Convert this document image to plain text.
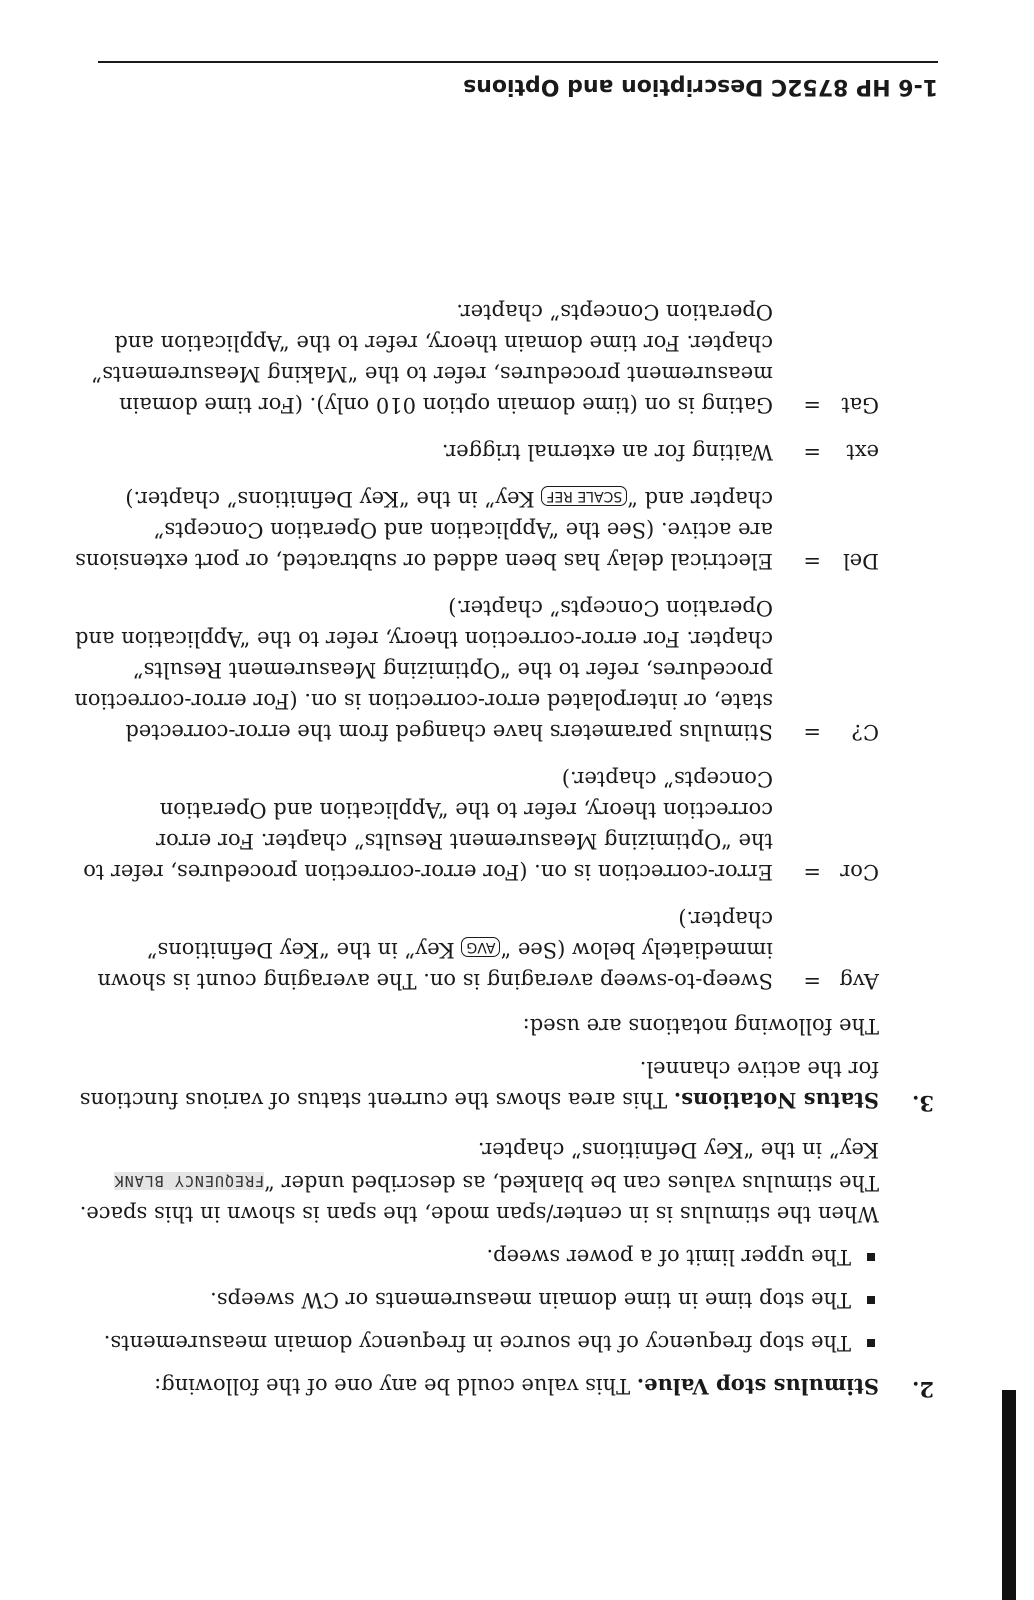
1-6 HP 8752C Description and Options
2.

Stimulus stop Value. This value could be any one of the following:

The stop frequency of the source in frequency domain measurements.
The stop time in time domain measurements or CW sweeps.
The upper limit of a power sweep.

When the stimulus is in center/span mode, the span is shown in this space. The stimulus values can be blanked, as described under “FREQUENCY BLANK Key” in the “Key Definitions” chapter.

3.

Status Notations. This area shows the current status of various functions for the active channel.

The following notations are used:

Avg	=	Sweep-to-sweep averaging is on. The averaging count is shown immediately below (See “AVG Key” in the “Key Definitions” chapter.)
Cor	=	Error-correction is on. (For error-correction procedures, refer to the “Optimizing Measurement Results” chapter. For error correction theory, refer to the “Application and Operation Concepts” chapter.)
C?	=	Stimulus parameters have changed from the error-corrected state, or interpolated error-correction is on. (For error-correction procedures, refer to the “Optimizing Measurement Results” chapter. For error-correction theory, refer to the “Application and Operation Concepts” chapter.)
Del	=	Electrical delay has been added or subtracted, or port extensions are active. (See the “Application and Operation Concepts” chapter and “SCALE REF Key” in the “Key Definitions” chapter.)
ext	=	Waiting for an external trigger.
Gat	=	Gating is on (time domain option 010 only). (For time domain measurement procedures, refer to the “Making Measurements” chapter. For time domain theory, refer to the “Application and Operation Concepts” chapter.
